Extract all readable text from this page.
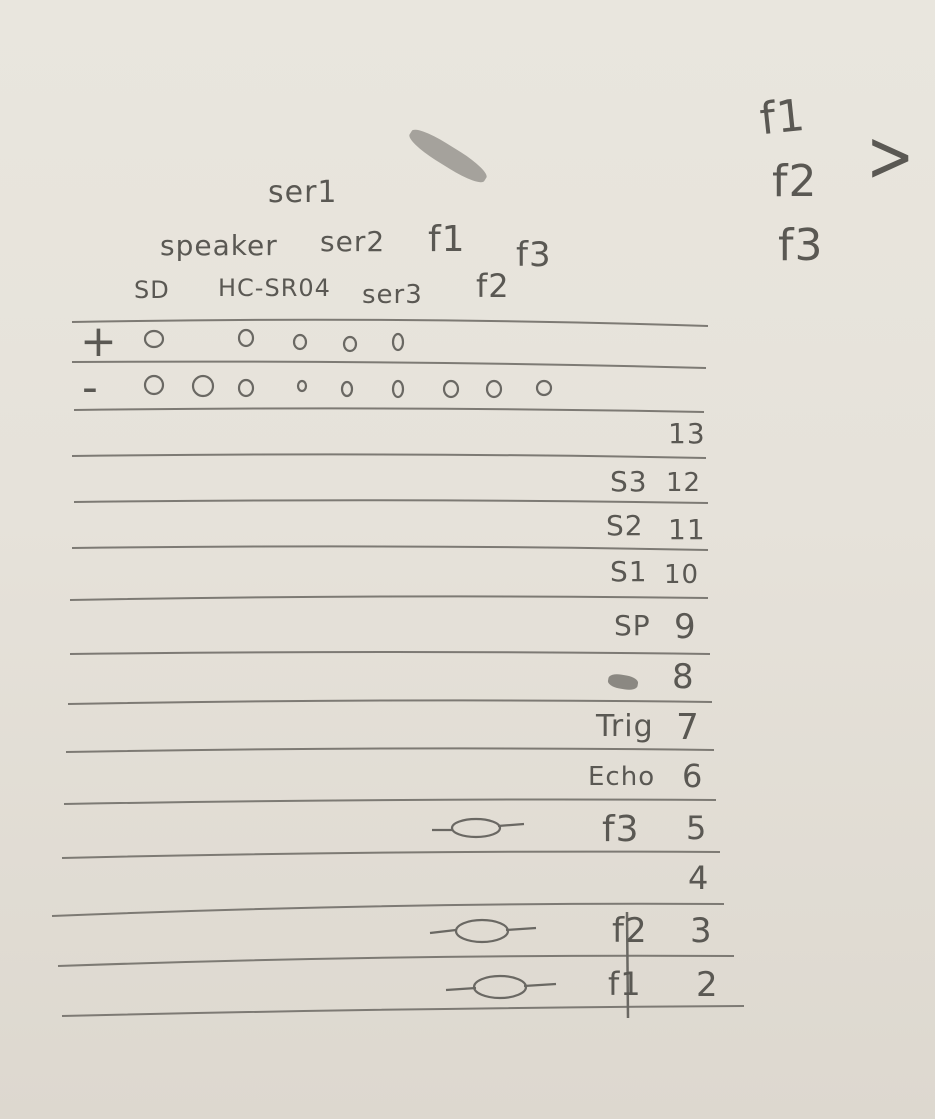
f1
f2
f3
>
ser1
speaker ser2 f1 f3
SD HC-SR04 ser3 f2
+
-
S3
S2
S1
SP
Trig
Echo
f3
f2
f1
13
12
11
10
9
8
7
6
5
4
3
2
